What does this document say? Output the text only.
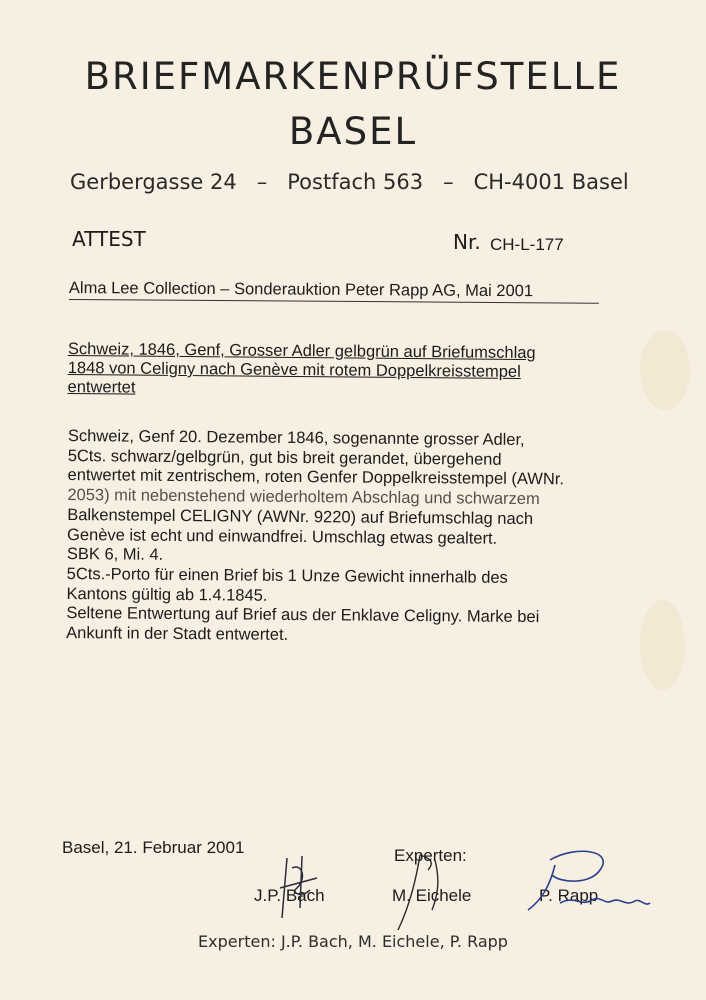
BRIEFMARKENPRÜFSTELLE
BASEL
Gerbergasse 24 – Postfach 563 – CH-4001 Basel
ATTEST	Nr. CH-L-177
Alma Lee Collection – Sonderauktion Peter Rapp AG, Mai 2001
Schweiz, 1846, Genf, Grosser Adler gelbgrün auf Briefumschlag
1848 von Celigny nach Genève mit rotem Doppelkreisstempel
entwertet
Schweiz, Genf 20. Dezember 1846, sogenannte grosser Adler,
5Cts. schwarz/gelbgrün, gut bis breit gerandet, übergehend
entwertet mit zentrischem, roten Genfer Doppelkreisstempel (AWNr.
2053) mit nebenstehend wiederholtem Abschlag und schwarzem
Balkenstempel CELIGNY (AWNr. 9220) auf Briefumschlag nach
Genève ist echt und einwandfrei. Umschlag etwas gealtert.
SBK 6, Mi. 4.
5Cts.-Porto für einen Brief bis 1 Unze Gewicht innerhalb des
Kantons gültig ab 1.4.1845.
Seltene Entwertung auf Brief aus der Enklave Celigny. Marke bei
Ankunft in der Stadt entwertet.
Basel, 21. Februar 2001	Experten:
J.P. Bach	M. Eichele	P. Rapp
Experten: J.P. Bach, M. Eichele, P. Rapp
